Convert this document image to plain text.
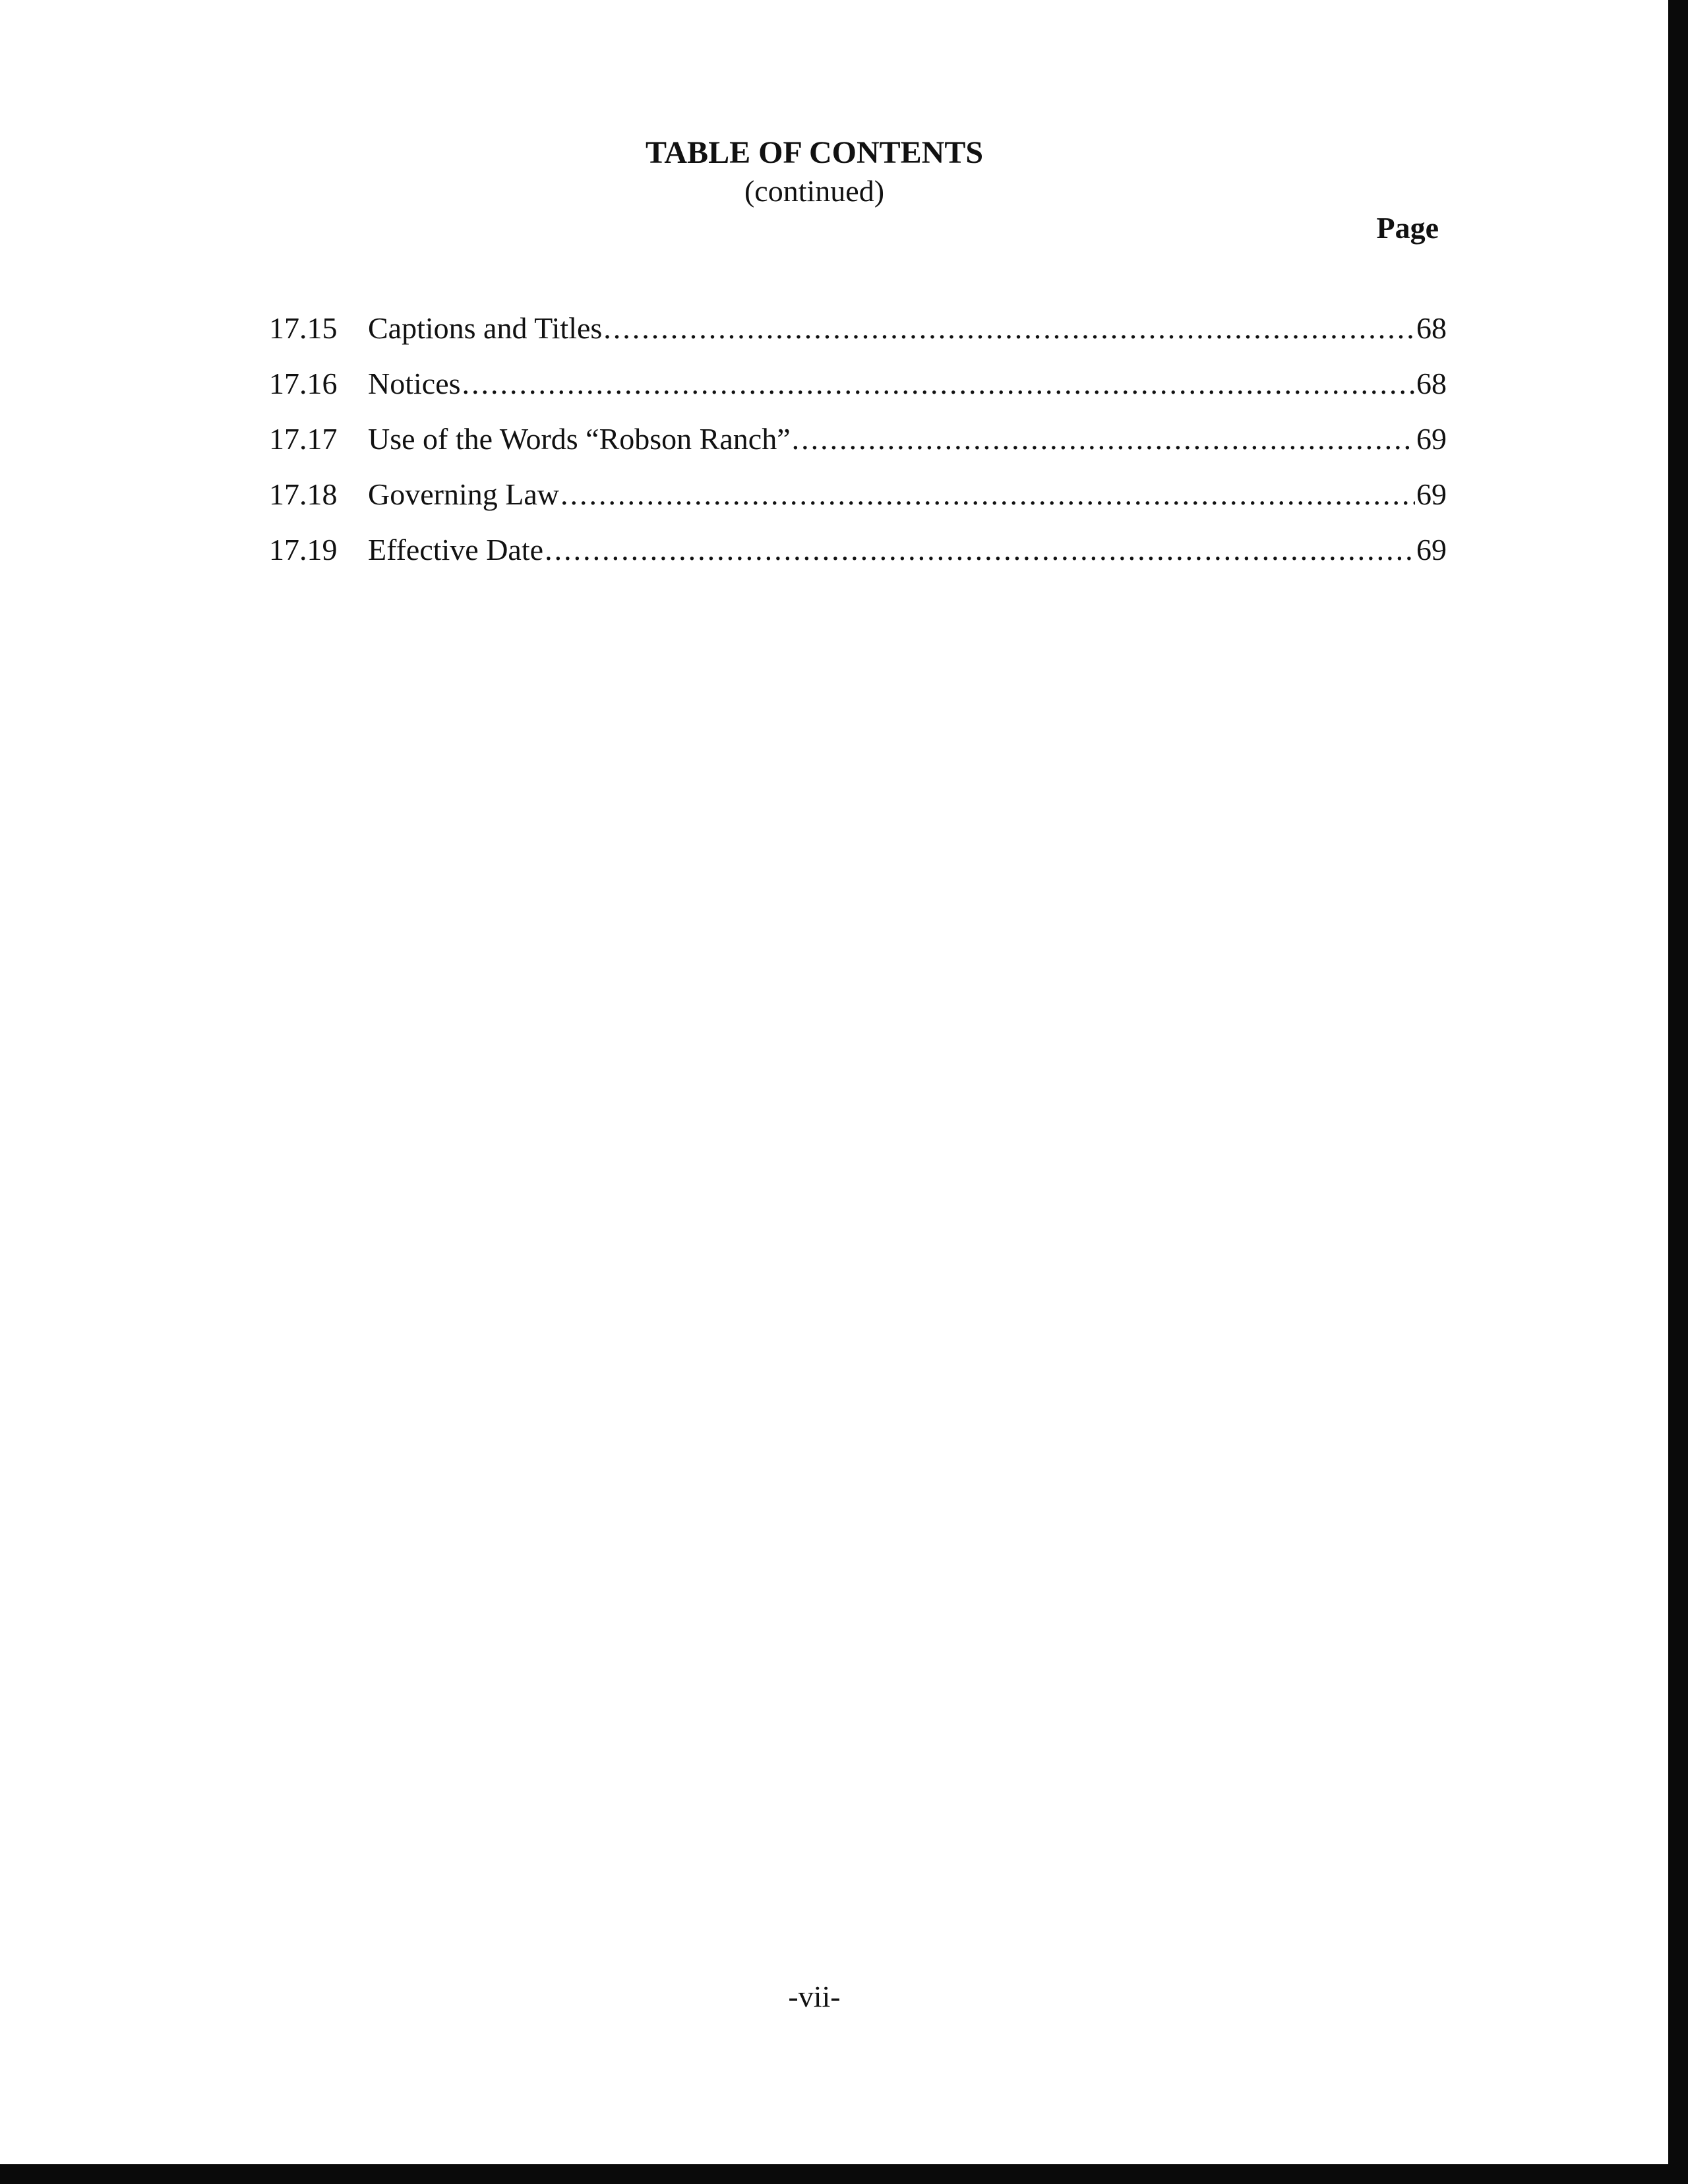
TABLE OF CONTENTS
(continued)
Page
17.15	Captions and Titles .....	68
17.16	Notices .....	68
17.17	Use of the Words “Robson Ranch” .....	69
17.18	Governing Law .....	69
17.19	Effective Date .....	69
-vii-
